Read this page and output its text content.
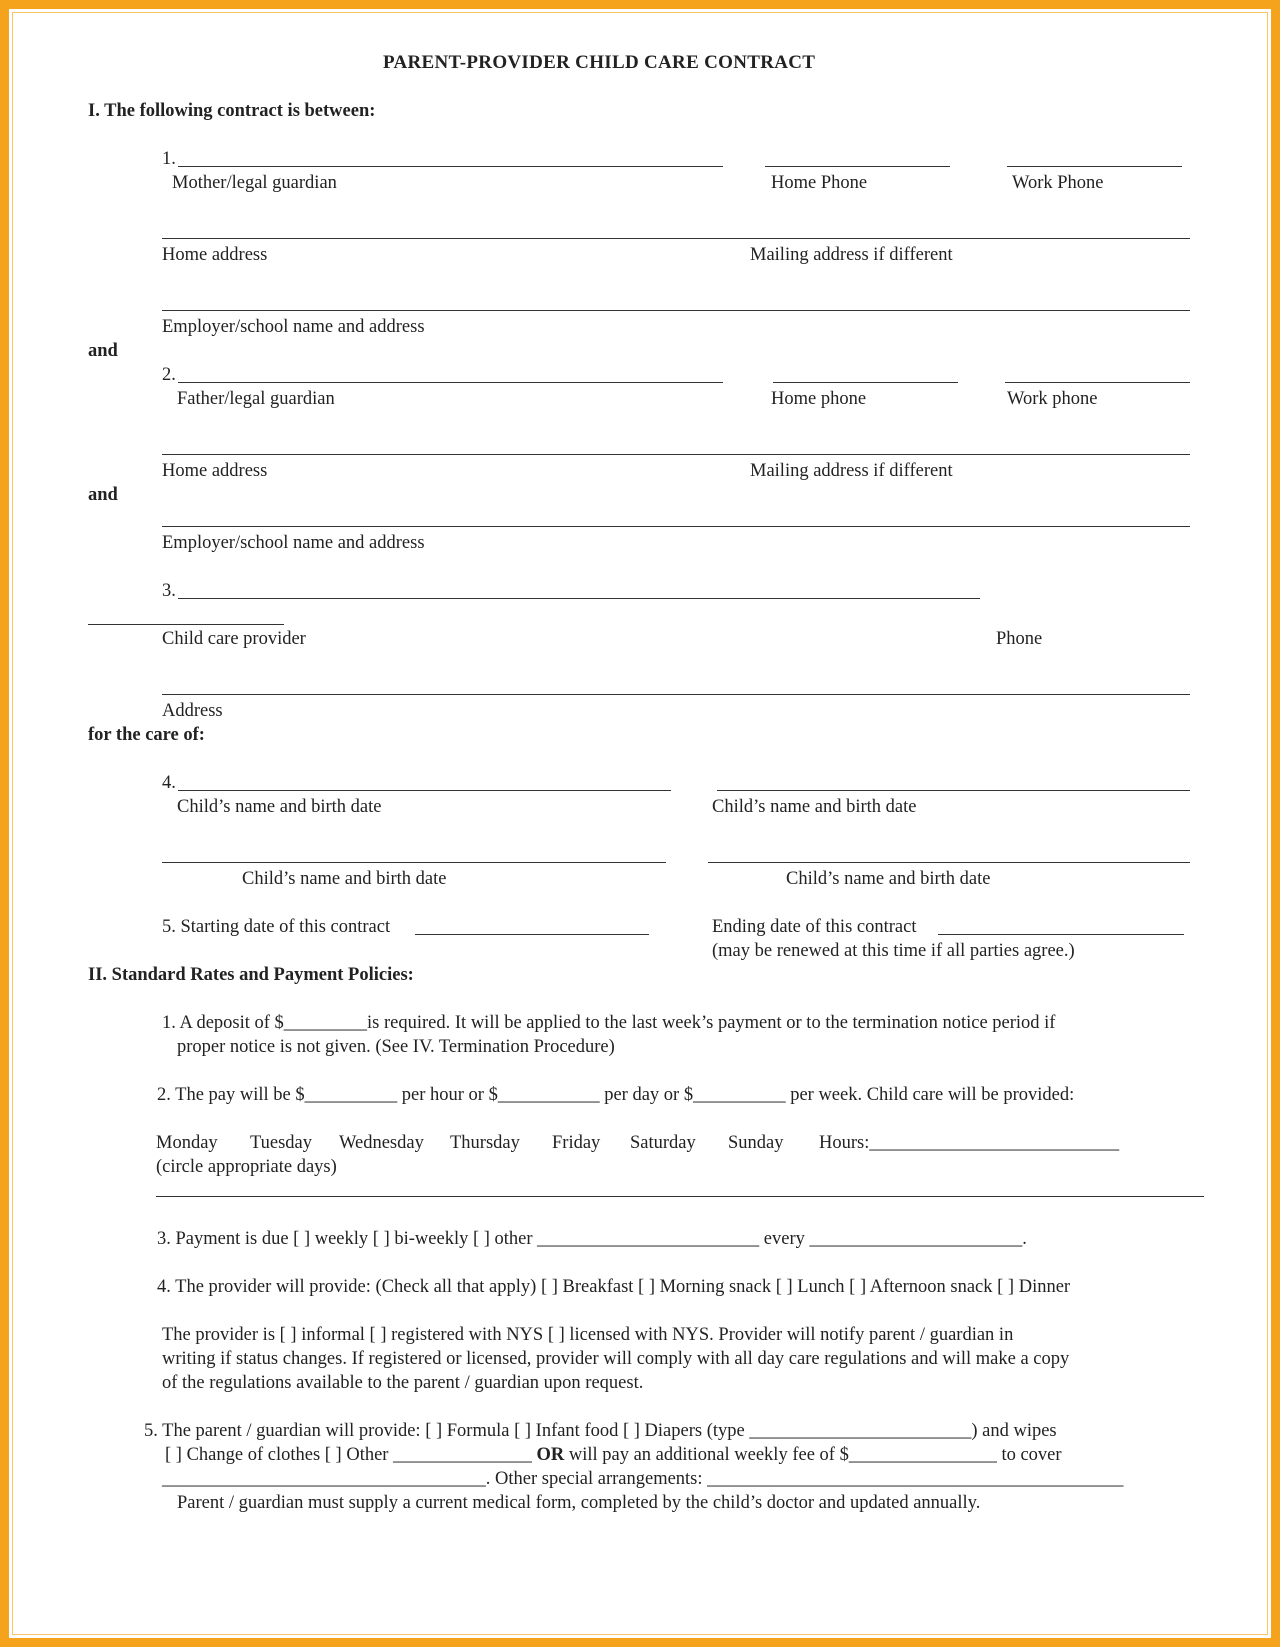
PARENT-PROVIDER CHILD CARE CONTRACT
I. The following contract is between:
1.
Mother/legal guardian	Home Phone	Work Phone
Home address	Mailing address if different
Employer/school name and address
and
2.
Father/legal guardian	Home phone	Work phone
Home address	Mailing address if different
and
Employer/school name and address
3.
Child care provider	Phone
Address
for the care of:
4.
Child’s name and birth date	Child’s name and birth date
Child’s name and birth date	Child’s name and birth date
5. Starting date of this contract	Ending date of this contract
(may be renewed at this time if all parties agree.)
II. Standard Rates and Payment Policies:
1. A deposit of $_________is required. It will be applied to the last week’s payment or to the termination notice period if
proper notice is not given. (See IV. Termination Procedure)
2. The pay will be $__________ per hour or $___________ per day or $__________ per week. Child care will be provided:
Monday Tuesday Wednesday Thursday Friday Saturday Sunday Hours:___________________________
(circle appropriate days)
3. Payment is due [ ] weekly [ ] bi-weekly [ ] other ________________________ every _______________________.
4. The provider will provide: (Check all that apply) [ ] Breakfast [ ] Morning snack [ ] Lunch [ ] Afternoon snack [ ] Dinner
The provider is [ ] informal [ ] registered with NYS [ ] licensed with NYS. Provider will notify parent / guardian in
writing if status changes. If registered or licensed, provider will comply with all day care regulations and will make a copy
of the regulations available to the parent / guardian upon request.
5. The parent / guardian will provide: [ ] Formula [ ] Infant food [ ] Diapers (type ________________________) and wipes
[ ] Change of clothes [ ] Other _______________ OR will pay an additional weekly fee of $________________ to cover
___________________________________. Other special arrangements: _____________________________________________
Parent / guardian must supply a current medical form, completed by the child’s doctor and updated annually.
